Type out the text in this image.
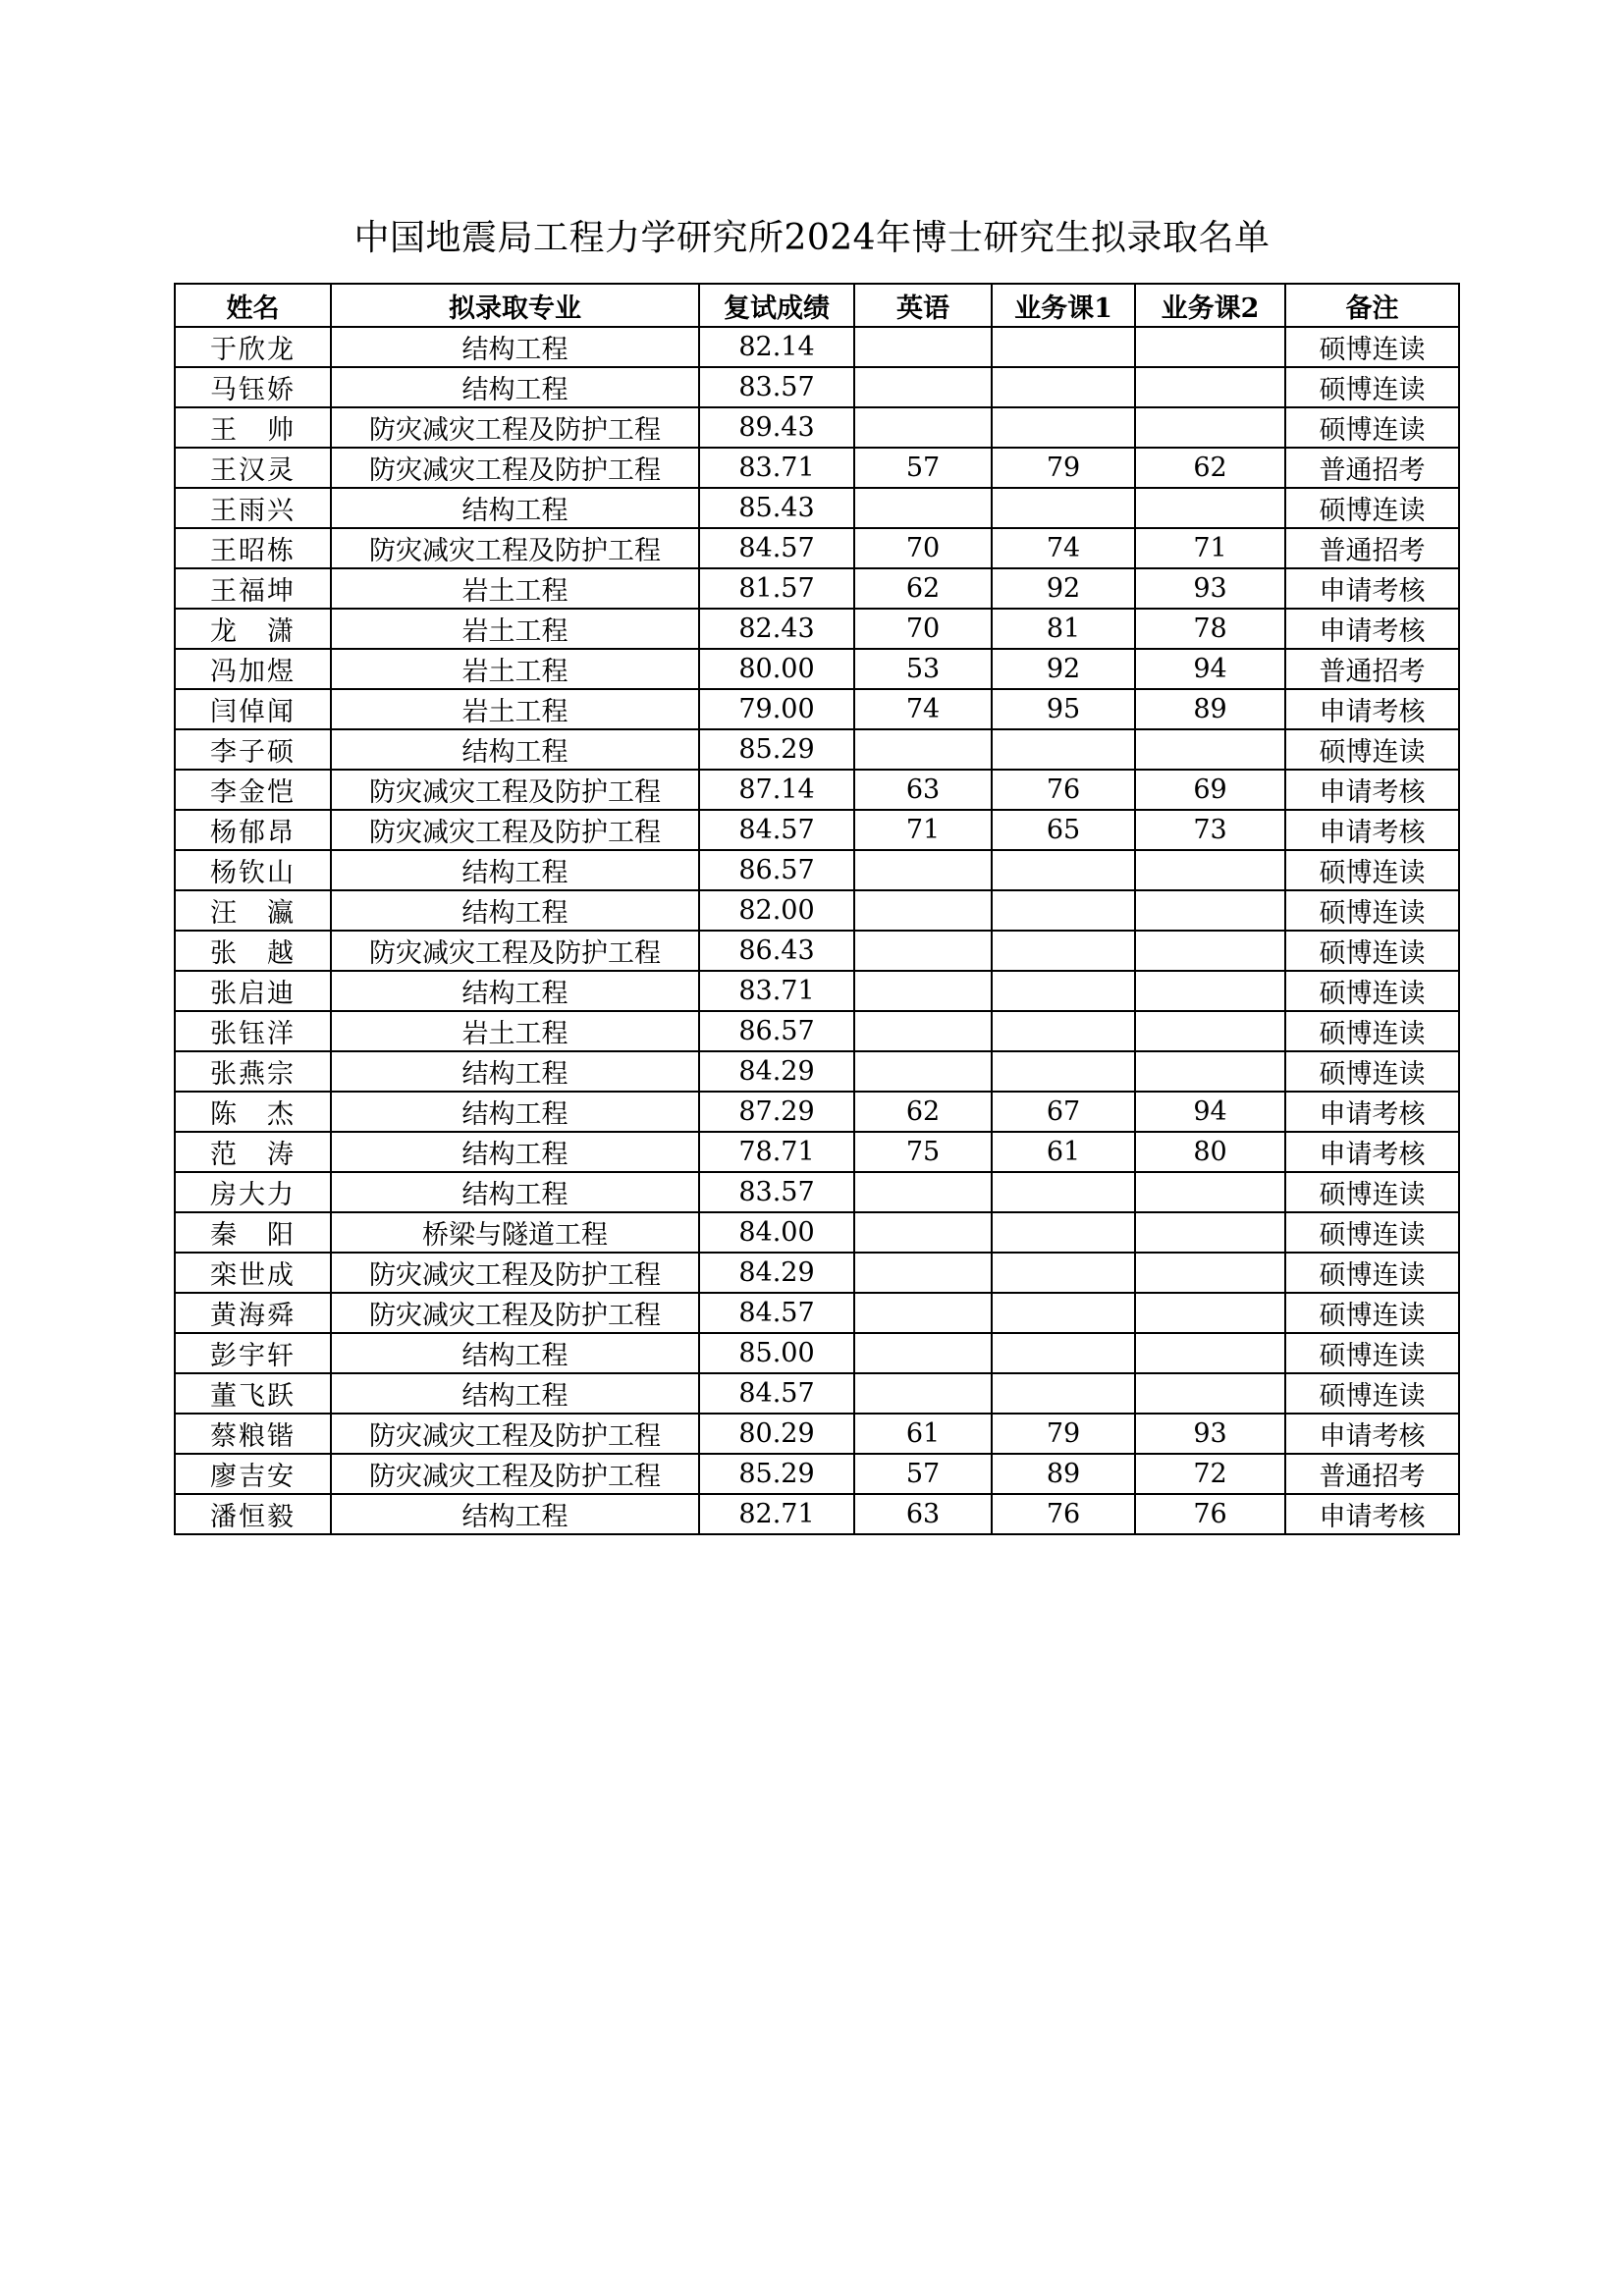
中国地震局工程力学研究所2024年博士研究生拟录取名单
姓名	拟录取专业	复试成绩	英语	业务课1	业务课2	备注
于欣龙	结构工程	82.14				硕博连读
马钰娇	结构工程	83.57				硕博连读
王　帅	防灾减灾工程及防护工程	89.43				硕博连读
王汉灵	防灾减灾工程及防护工程	83.71	57	79	62	普通招考
王雨兴	结构工程	85.43				硕博连读
王昭栋	防灾减灾工程及防护工程	84.57	70	74	71	普通招考
王福坤	岩土工程	81.57	62	92	93	申请考核
龙　潇	岩土工程	82.43	70	81	78	申请考核
冯加煜	岩土工程	80.00	53	92	94	普通招考
闫倬闻	岩土工程	79.00	74	95	89	申请考核
李子硕	结构工程	85.29				硕博连读
李金恺	防灾减灾工程及防护工程	87.14	63	76	69	申请考核
杨郁昂	防灾减灾工程及防护工程	84.57	71	65	73	申请考核
杨钦山	结构工程	86.57				硕博连读
汪　瀛	结构工程	82.00				硕博连读
张　越	防灾减灾工程及防护工程	86.43				硕博连读
张启迪	结构工程	83.71				硕博连读
张钰洋	岩土工程	86.57				硕博连读
张燕宗	结构工程	84.29				硕博连读
陈　杰	结构工程	87.29	62	67	94	申请考核
范　涛	结构工程	78.71	75	61	80	申请考核
房大力	结构工程	83.57				硕博连读
秦　阳	桥梁与隧道工程	84.00				硕博连读
栾世成	防灾减灾工程及防护工程	84.29				硕博连读
黄海舜	防灾减灾工程及防护工程	84.57				硕博连读
彭宇轩	结构工程	85.00				硕博连读
董飞跃	结构工程	84.57				硕博连读
蔡粮锴	防灾减灾工程及防护工程	80.29	61	79	93	申请考核
廖吉安	防灾减灾工程及防护工程	85.29	57	89	72	普通招考
潘恒毅	结构工程	82.71	63	76	76	申请考核
